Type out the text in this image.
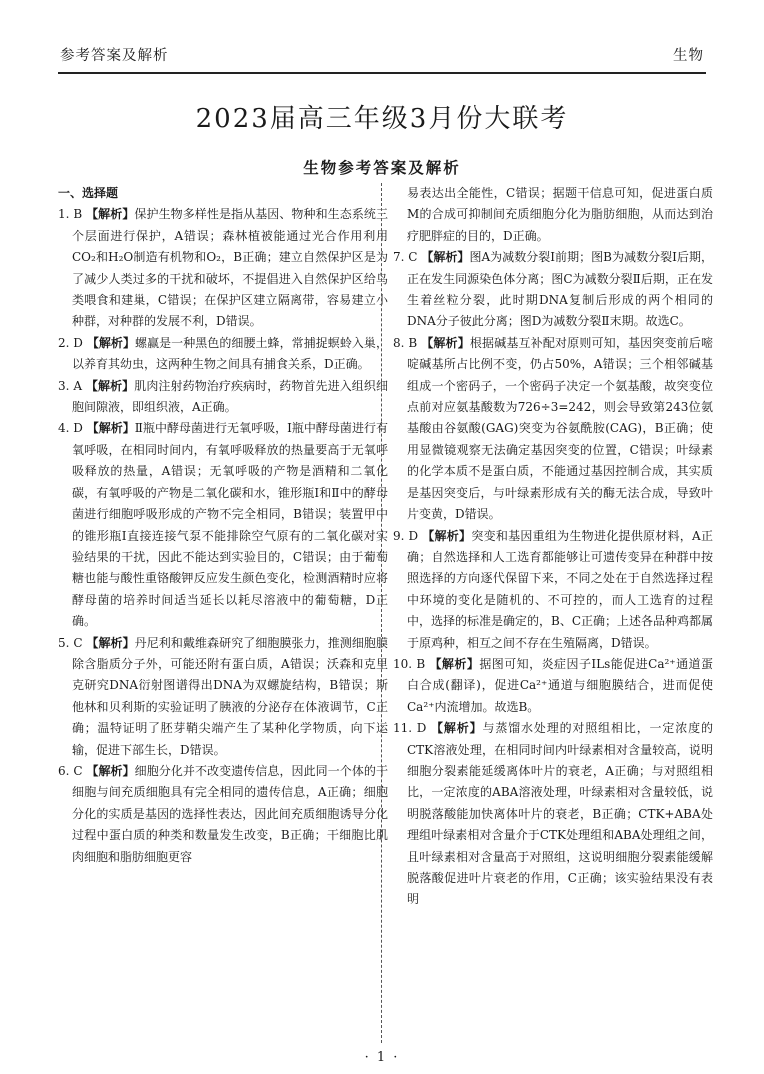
参考答案及解析	生物
2023届高三年级3月份大联考
生物参考答案及解析

一、选择题

1. B 【解析】保护生物多样性是指从基因、物种和生态系统三个层面进行保护，A错误；森林植被能通过光合作用利用CO₂和H₂O制造有机物和O₂，B正确；建立自然保护区是为了减少人类过多的干扰和破坏，不提倡进入自然保护区给鸟类喂食和建巢，C错误；在保护区建立隔离带，容易建立小种群，对种群的发展不利，D错误。

2. D 【解析】螺赢是一种黑色的细腰土蜂，常捕捉螟蛉入巢，以养育其幼虫，这两种生物之间具有捕食关系，D正确。

3. A 【解析】肌肉注射药物治疗疾病时，药物首先进入组织细胞间隙液，即组织液，A正确。

4. D 【解析】Ⅱ瓶中酵母菌进行无氧呼吸，Ⅰ瓶中酵母菌进行有氧呼吸，在相同时间内，有氧呼吸释放的热量要高于无氧呼吸释放的热量，A错误；无氧呼吸的产物是酒精和二氧化碳，有氧呼吸的产物是二氧化碳和水，锥形瓶Ⅰ和Ⅱ中的酵母菌进行细胞呼吸形成的产物不完全相同，B错误；装置甲中的锥形瓶Ⅰ直接连接气泵不能排除空气原有的二氧化碳对实验结果的干扰，因此不能达到实验目的，C错误；由于葡萄糖也能与酸性重铬酸钾反应发生颜色变化，检测酒精时应将酵母菌的培养时间适当延长以耗尽溶液中的葡萄糖，D正确。

5. C 【解析】丹尼利和戴维森研究了细胞膜张力，推测细胞膜除含脂质分子外，可能还附有蛋白质，A错误；沃森和克里克研究DNA衍射图谱得出DNA为双螺旋结构，B错误；斯他林和贝利斯的实验证明了胰液的分泌存在体液调节，C正确；温特证明了胚芽鞘尖端产生了某种化学物质，向下运输，促进下部生长，D错误。

6. C 【解析】细胞分化并不改变遗传信息，因此同一个体的干细胞与间充质细胞具有完全相同的遗传信息，A正确；细胞分化的实质是基因的选择性表达，因此间充质细胞诱导分化过程中蛋白质的种类和数量发生改变，B正确；干细胞比肌肉细胞和脂肪细胞更容

易表达出全能性，C错误；据题干信息可知，促进蛋白质M的合成可抑制间充质细胞分化为脂肪细胞，从而达到治疗肥胖症的目的，D正确。

7. C 【解析】图A为减数分裂Ⅰ前期；图B为减数分裂Ⅰ后期，正在发生同源染色体分离；图C为减数分裂Ⅱ后期，正在发生着丝粒分裂，此时期DNA复制后形成的两个相同的DNA分子彼此分离；图D为减数分裂Ⅱ末期。故选C。

8. B 【解析】根据碱基互补配对原则可知，基因突变前后嘧啶碱基所占比例不变，仍占50%，A错误；三个相邻碱基组成一个密码子，一个密码子决定一个氨基酸，故突变位点前对应氨基酸数为726÷3=242，则会导致第243位氨基酸由谷氨酸(GAG)突变为谷氨酰胺(CAG)，B正确；使用显微镜观察无法确定基因突变的位置，C错误；叶绿素的化学本质不是蛋白质，不能通过基因控制合成，其实质是基因突变后，与叶绿素形成有关的酶无法合成，导致叶片变黄，D错误。

9. D 【解析】突变和基因重组为生物进化提供原材料，A正确；自然选择和人工选育都能够让可遗传变异在种群中按照选择的方向逐代保留下来，不同之处在于自然选择过程中环境的变化是随机的、不可控的，而人工选育的过程中，选择的标准是确定的，B、C正确；上述各品种鸡都属于原鸡种，相互之间不存在生殖隔离，D错误。

10. B 【解析】据图可知，炎症因子ILs能促进Ca²⁺通道蛋白合成(翻译)，促进Ca²⁺通道与细胞膜结合，进而促使Ca²⁺内流增加。故选B。

11. D 【解析】与蒸馏水处理的对照组相比，一定浓度的CTK溶液处理，在相同时间内叶绿素相对含量较高，说明细胞分裂素能延缓离体叶片的衰老，A正确；与对照组相比，一定浓度的ABA溶液处理，叶绿素相对含量较低，说明脱落酸能加快离体叶片的衰老，B正确；CTK+ABA处理组叶绿素相对含量介于CTK处理组和ABA处理组之间，且叶绿素相对含量高于对照组，这说明细胞分裂素能缓解脱落酸促进叶片衰老的作用，C正确；该实验结果没有表明

· 1 ·
